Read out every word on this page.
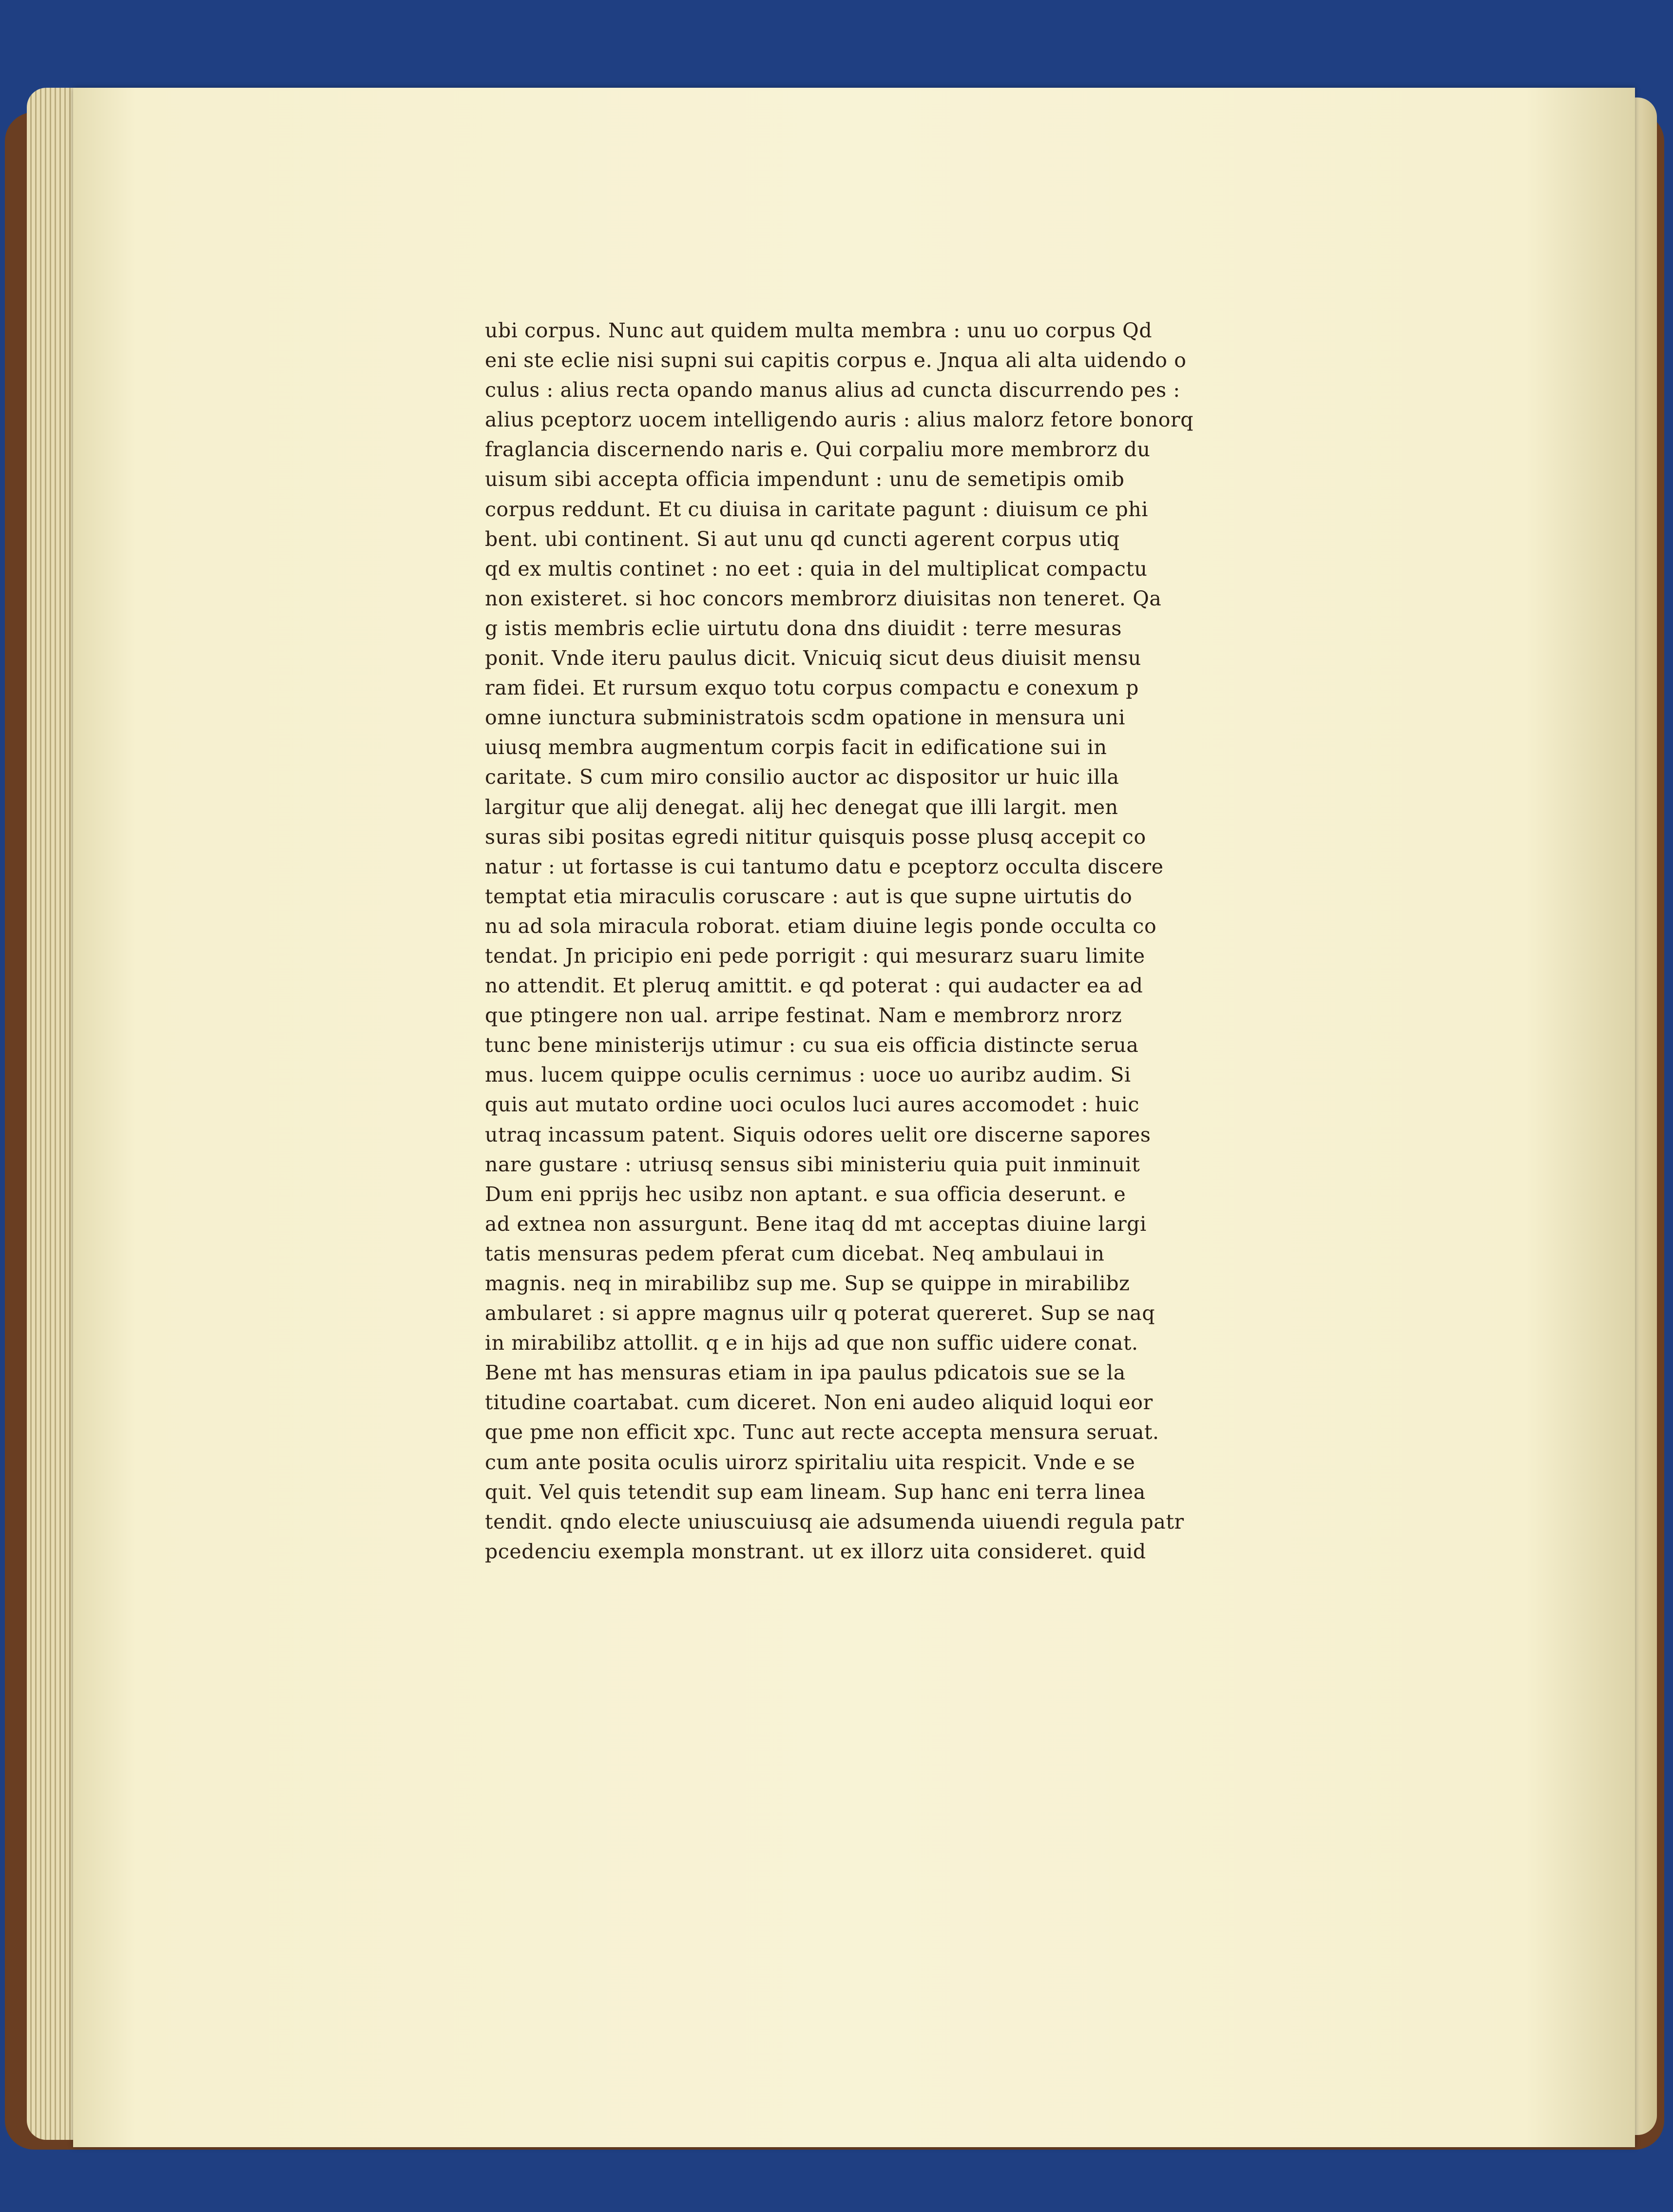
ubi corpus. Nunc aut quidem multa membra : unu uo corpus Qd
eni ste eclie nisi supni sui capitis corpus e. Jnqua ali alta uidendo o
culus : alius recta opando manus alius ad cuncta discurrendo pes :
alius pceptorz uocem intelligendo auris : alius malorz fetore bonorq
fraglancia discernendo naris e. Qui corpaliu more membrorz du
uisum sibi accepta officia impendunt : unu de semetipis omib
corpus reddunt. Et cu diuisa in caritate pagunt : diuisum ce phi
bent. ubi continent. Si aut unu qd cuncti agerent corpus utiq
qd ex multis continet : no eet : quia in del multiplicat compactu
non existeret. si hoc concors membrorz diuisitas non teneret. Qa
g istis membris eclie uirtutu dona dns diuidit : terre mesuras
ponit. Vnde iteru paulus dicit. Vnicuiq sicut deus diuisit mensu
ram fidei. Et rursum exquo totu corpus compactu e conexum p
omne iunctura subministratois scdm opatione in mensura uni
uiusq membra augmentum corpis facit in edificatione sui in
caritate. S cum miro consilio auctor ac dispositor ur huic illa
largitur que alij denegat. alij hec denegat que illi largit. men
suras sibi positas egredi nititur quisquis posse plusq accepit co
natur : ut fortasse is cui tantumo datu e pceptorz occulta discere
temptat etia miraculis coruscare : aut is que supne uirtutis do
nu ad sola miracula roborat. etiam diuine legis ponde occulta co
tendat. Jn pricipio eni pede porrigit : qui mesurarz suaru limite
no attendit. Et pleruq amittit. e qd poterat : qui audacter ea ad
que ptingere non ual. arripe festinat. Nam e membrorz nrorz
tunc bene ministerijs utimur : cu sua eis officia distincte serua
mus. lucem quippe oculis cernimus : uoce uo auribz audim. Si
quis aut mutato ordine uoci oculos luci aures accomodet : huic
utraq incassum patent. Siquis odores uelit ore discerne sapores
nare gustare : utriusq sensus sibi ministeriu quia puit inminuit
Dum eni pprijs hec usibz non aptant. e sua officia deserunt. e
ad extnea non assurgunt. Bene itaq dd mt acceptas diuine largi
tatis mensuras pedem pferat cum dicebat. Neq ambulaui in
magnis. neq in mirabilibz sup me. Sup se quippe in mirabilibz
ambularet : si appre magnus uilr q poterat quereret. Sup se naq
in mirabilibz attollit. q e in hijs ad que non suffic uidere conat.
Bene mt has mensuras etiam in ipa paulus pdicatois sue se la
titudine coartabat. cum diceret. Non eni audeo aliquid loqui eor
que pme non efficit xpc. Tunc aut recte accepta mensura seruat.
cum ante posita oculis uirorz spiritaliu uita respicit. Vnde e se
quit. Vel quis tetendit sup eam lineam. Sup hanc eni terra linea
tendit. qndo electe uniuscuiusq aie adsumenda uiuendi regula patr
pcedenciu exempla monstrant. ut ex illorz uita consideret. quid
